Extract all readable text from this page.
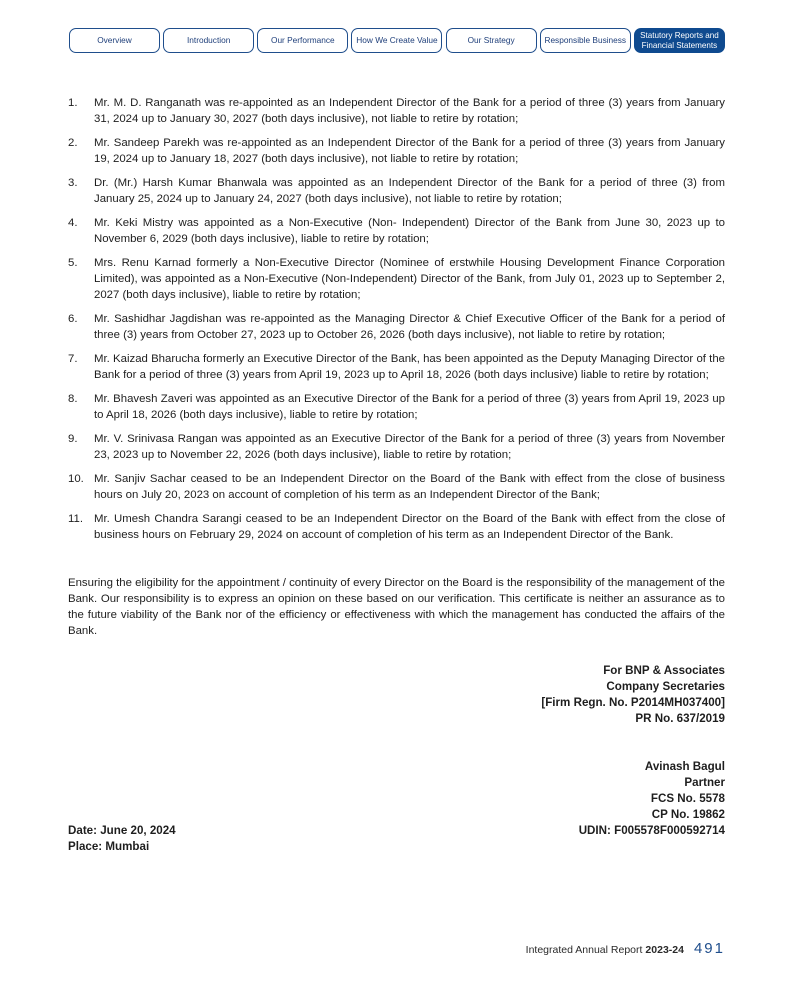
Overview	Introduction	Our Performance	How We Create Value	Our Strategy	Responsible Business	Statutory Reports and Financial Statements
1.	Mr. M. D. Ranganath was re-appointed as an Independent Director of the Bank for a period of three (3) years from January 31, 2024 up to January 30, 2027 (both days inclusive), not liable to retire by rotation;
2.	Mr. Sandeep Parekh was re-appointed as an Independent Director of the Bank for a period of three (3) years from January 19, 2024 up to January 18, 2027 (both days inclusive), not liable to retire by rotation;
3.	Dr. (Mr.) Harsh Kumar Bhanwala was appointed as an Independent Director of the Bank for a period of three (3) from January 25, 2024 up to January 24, 2027 (both days inclusive), not liable to retire by rotation;
4.	Mr. Keki Mistry was appointed as a Non-Executive (Non- Independent) Director of the Bank from June 30, 2023 up to November 6, 2029 (both days inclusive), liable to retire by rotation;
5.	Mrs. Renu Karnad formerly a Non-Executive Director (Nominee of erstwhile Housing Development Finance Corporation Limited), was appointed as a Non-Executive (Non-Independent) Director of the Bank, from July 01, 2023 up to September 2, 2027 (both days inclusive), liable to retire by rotation;
6.	Mr. Sashidhar Jagdishan was re-appointed as the Managing Director & Chief Executive Officer of the Bank for a period of three (3) years from October 27, 2023 up to October 26, 2026 (both days inclusive), not liable to retire by rotation;
7.	Mr. Kaizad Bharucha formerly an Executive Director of the Bank, has been appointed as the Deputy Managing Director of the Bank for a period of three (3) years from April 19, 2023 up to April 18, 2026 (both days inclusive) liable to retire by rotation;
8.	Mr. Bhavesh Zaveri was appointed as an Executive Director of the Bank for a period of three (3) years from April 19, 2023 up to April 18, 2026 (both days inclusive), liable to retire by rotation;
9.	Mr. V. Srinivasa Rangan was appointed as an Executive Director of the Bank for a period of three (3) years from November 23, 2023 up to November 22, 2026 (both days inclusive), liable to retire by rotation;
10. Mr. Sanjiv Sachar ceased to be an Independent Director on the Board of the Bank with effect from the close of business hours on July 20, 2023 on account of completion of his term as an Independent Director of the Bank;
11. Mr. Umesh Chandra Sarangi ceased to be an Independent Director on the Board of the Bank with effect from the close of business hours on February 29, 2024 on account of completion of his term as an Independent Director of the Bank.

Ensuring the eligibility for the appointment / continuity of every Director on the Board is the responsibility of the management of the Bank. Our responsibility is to express an opinion on these based on our verification. This certificate is neither an assurance as to the future viability of the Bank nor of the efficiency or effectiveness with which the management has conducted the affairs of the Bank.

For BNP & Associates
Company Secretaries
[Firm Regn. No. P2014MH037400]
PR No. 637/2019
Avinash Bagul
Partner
FCS No. 5578
CP No. 19862
UDIN: F005578F000592714
Date: June 20, 2024
Place: Mumbai
Integrated Annual Report 2023-24 491
